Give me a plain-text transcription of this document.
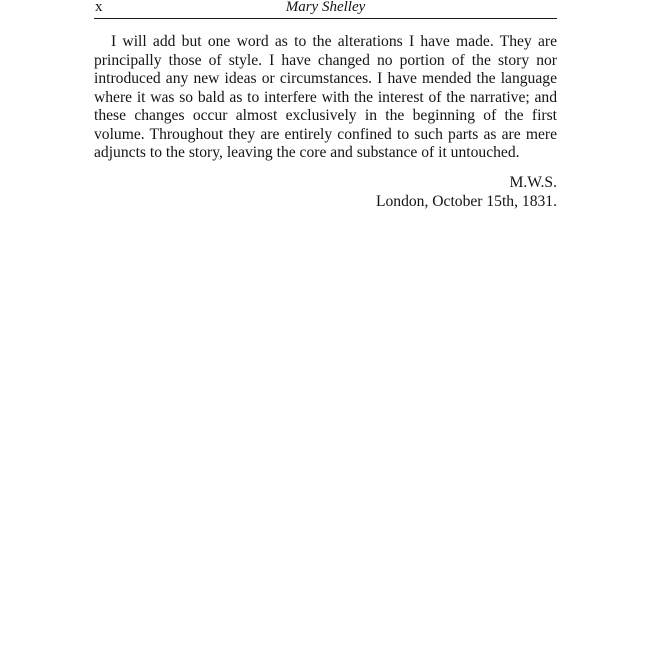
x	Mary Shelley

I will add but one word as to the alterations I have made. They are principally those of style. I have changed no portion of the story nor introduced any new ideas or circumstances. I have mended the language where it was so bald as to interfere with the interest of the narrative; and these changes occur almost exclusively in the beginning of the first volume. Throughout they are entirely confined to such parts as are mere adjuncts to the story, leaving the core and substance of it untouched.

M.W.S.
London, October 15th, 1831.
